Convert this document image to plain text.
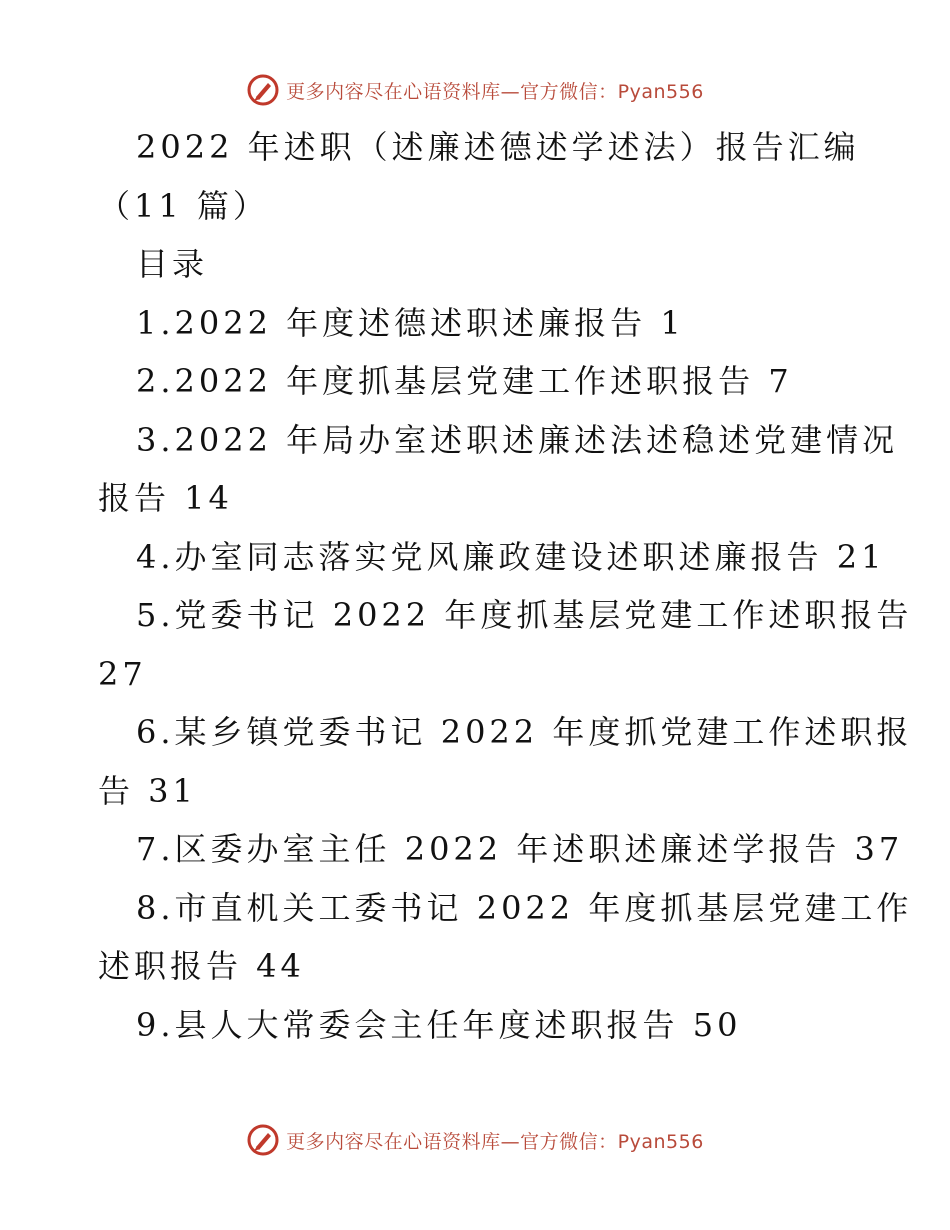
更多内容尽在心语资料库—官方微信：Pyan556
2022 年述职（述廉述德述学述法）报告汇编
（11 篇）
目录
1.2022 年度述德述职述廉报告 1
2.2022 年度抓基层党建工作述职报告 7
3.2022 年局办室述职述廉述法述稳述党建情况
报告 14
4.办室同志落实党风廉政建设述职述廉报告 21
5.党委书记 2022 年度抓基层党建工作述职报告
27
6.某乡镇党委书记 2022 年度抓党建工作述职报
告 31
7.区委办室主任 2022 年述职述廉述学报告 37
8.市直机关工委书记 2022 年度抓基层党建工作
述职报告 44
9.县人大常委会主任年度述职报告 50
更多内容尽在心语资料库—官方微信：Pyan556
